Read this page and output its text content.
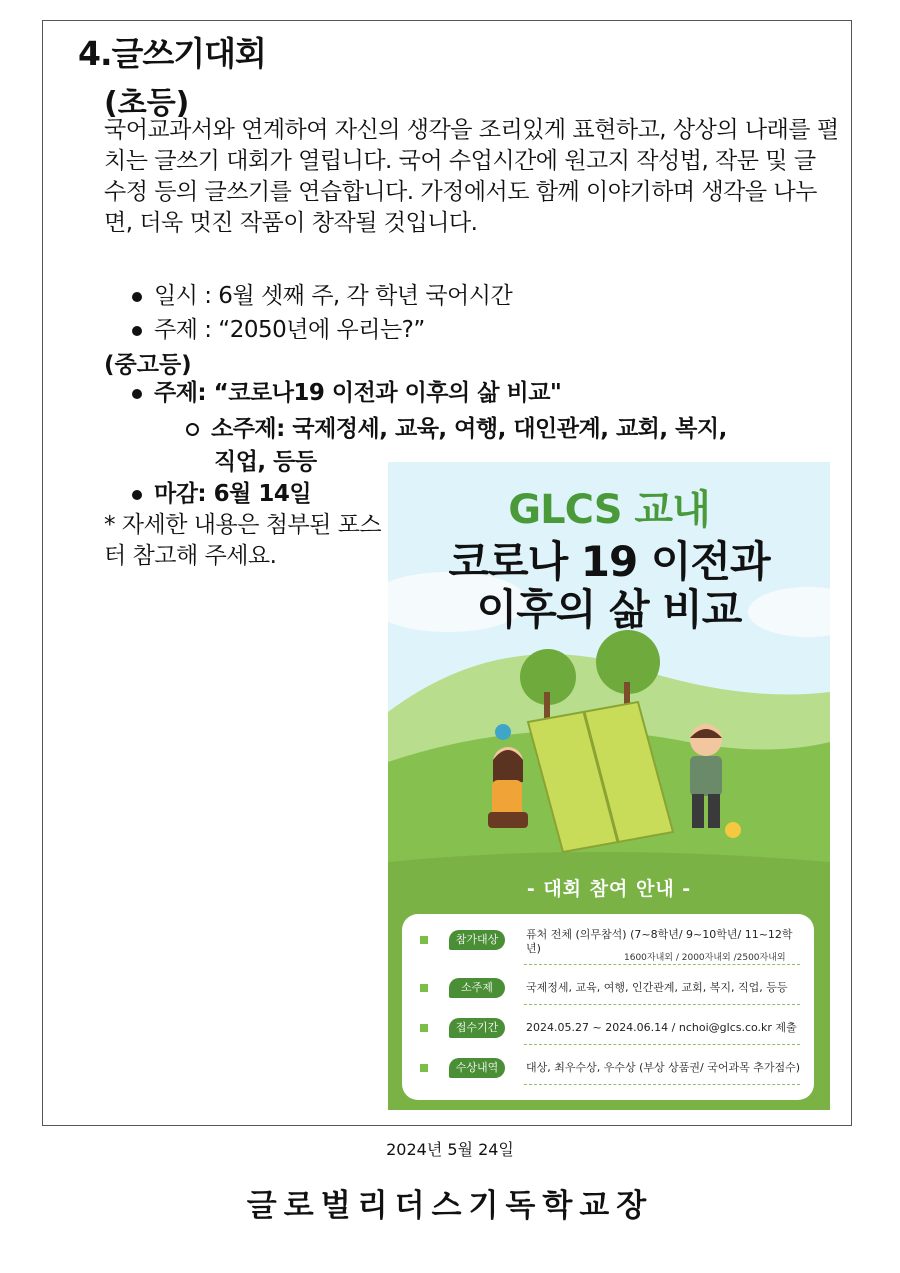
4.글쓰기대회
(초등)
국어교과서와 연계하여 자신의 생각을 조리있게 표현하고, 상상의 나래를 펼치는 글쓰기 대회가 열립니다. 국어 수업시간에 원고지 작성법, 작문 및 글 수정 등의 글쓰기를 연습합니다. 가정에서도 함께 이야기하며 생각을 나누면, 더욱 멋진 작품이 창작될 것입니다.
일시 : 6월 셋째 주, 각 학년 국어시간
주제 : “2050년에 우리는?”
(중고등)
주제: “코로나19 이전과 이후의 삶 비교"
소주제: 국제정세, 교육, 여행, 대인관계, 교회, 복지,
직업, 등등
마감: 6월 14일
* 자세한 내용은 첨부된 포스터 참고해 주세요.
GLCS 교내
코로나 19 이전과
이후의 삶 비교
- 대회 참여 안내 -
참가대상	퓨처 전체 (의무참석) (7~8학년/ 9~10학년/ 11~12학년)
1600자내외 / 2000자내외 /2500자내외
소주제	국제정세, 교육, 여행, 인간관계, 교회, 복지, 직업, 등등
접수기간	2024.05.27 ~ 2024.06.14 / nchoi@glcs.co.kr 제출
수상내역	대상, 최우수상, 우수상 (부상 상품권/ 국어과목 추가점수)
2024년 5월 24일
글로벌리더스기독학교장
